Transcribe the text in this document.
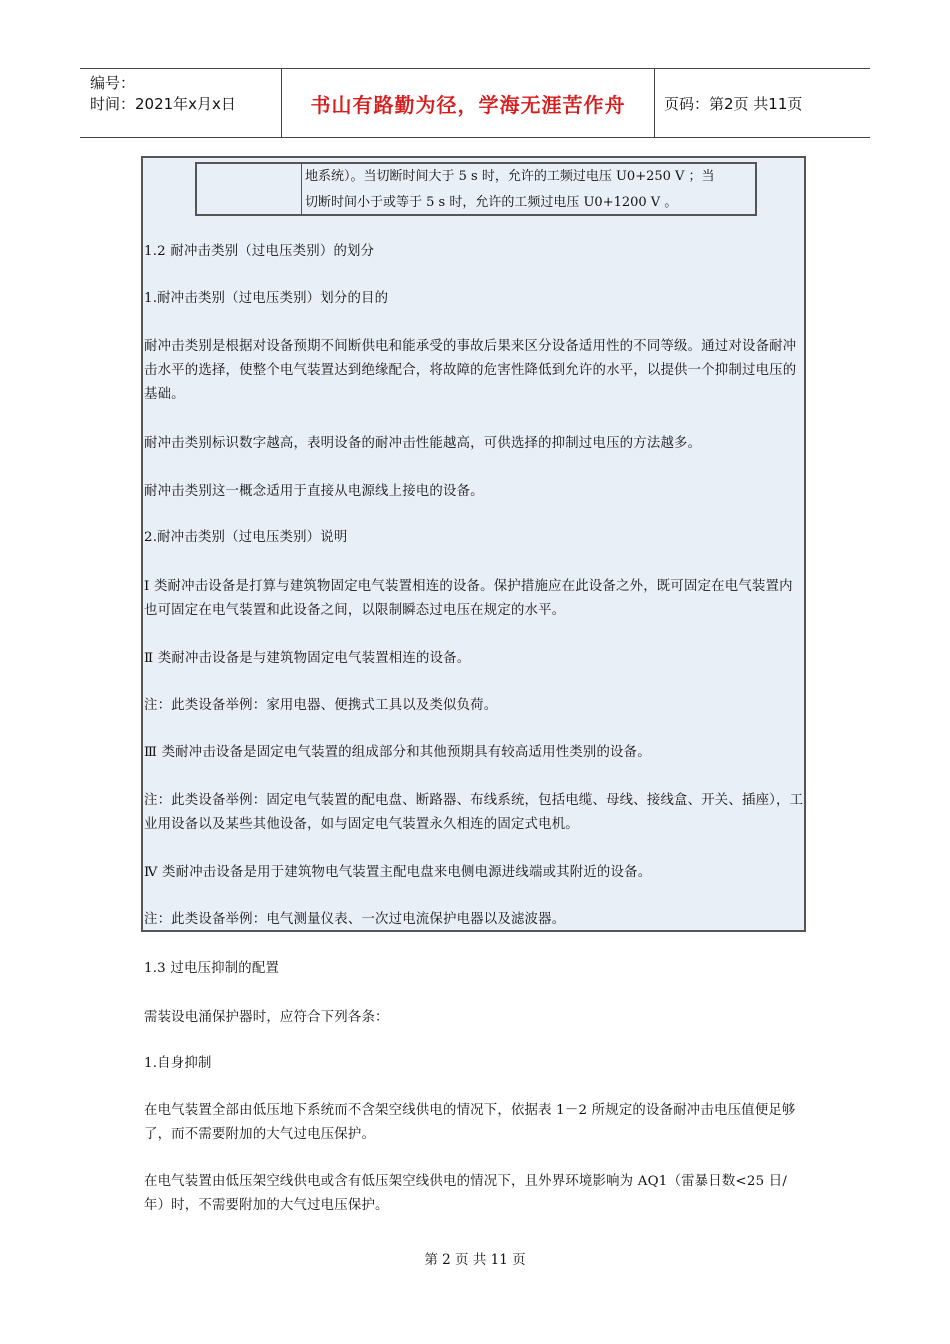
编号：
时间：2021年x月x日	书山有路勤为径，学海无涯苦作舟	页码：第2页 共11页
地系统）。当切断时间大于 5 s 时，允许的工频过电压 U0+250 V ；当
切断时间小于或等于 5 s 时，允许的工频过电压 U0+1200 V 。
1.2 耐冲击类别（过电压类别）的划分
1.耐冲击类别（过电压类别）划分的目的
耐冲击类别是根据对设备预期不间断供电和能承受的事故后果来区分设备适用性的不同等级。通过对设备耐冲击水平的选择，使整个电气装置达到绝缘配合，将故障的危害性降低到允许的水平，以提供一个抑制过电压的基础。
耐冲击类别标识数字越高，表明设备的耐冲击性能越高，可供选择的抑制过电压的方法越多。
耐冲击类别这一概念适用于直接从电源线上接电的设备。
2.耐冲击类别（过电压类别）说明
Ⅰ 类耐冲击设备是打算与建筑物固定电气装置相连的设备。保护措施应在此设备之外，既可固定在电气装置内也可固定在电气装置和此设备之间，以限制瞬态过电压在规定的水平。
Ⅱ 类耐冲击设备是与建筑物固定电气装置相连的设备。
注：此类设备举例：家用电器、便携式工具以及类似负荷。
Ⅲ 类耐冲击设备是固定电气装置的组成部分和其他预期具有较高适用性类别的设备。
注：此类设备举例：固定电气装置的配电盘、断路器、布线系统，包括电缆、母线、接线盒、开关、插座），工业用设备以及某些其他设备，如与固定电气装置永久相连的固定式电机。
Ⅳ 类耐冲击设备是用于建筑物电气装置主配电盘来电侧电源进线端或其附近的设备。
注：此类设备举例：电气测量仪表、一次过电流保护电器以及滤波器。
1.3 过电压抑制的配置
需装设电涌保护器时，应符合下列各条：
1.自身抑制
在电气装置全部由低压地下系统而不含架空线供电的情况下，依据表 1－2 所规定的设备耐冲击电压值便足够了，而不需要附加的大气过电压保护。
在电气装置由低压架空线供电或含有低压架空线供电的情况下，且外界环境影响为 AQ1（雷暴日数<25 日/年）时，不需要附加的大气过电压保护。
第 2 页 共 11 页
